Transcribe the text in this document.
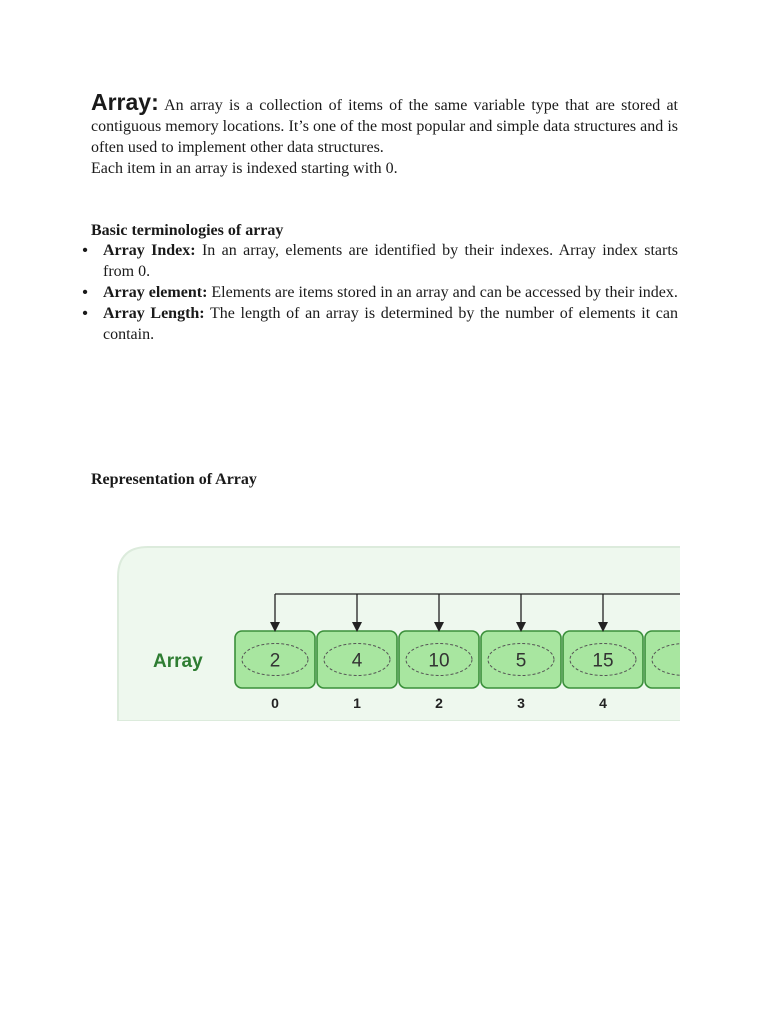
Array: An array is a collection of items of the same variable type that are stored at contiguous memory locations. It’s one of the most popular and simple data structures and is often used to implement other data structures.

Each item in an array is indexed starting with 0.

Basic terminologies of array
• Array Index: In an array, elements are identified by their indexes. Array index starts from 0.
• Array element: Elements are items stored in an array and can be accessed by their index.
• Array Length: The length of an array is determined by the number of elements it can contain.
Representation of Array
Array	2
0
4
1
10
2
5
3
15
4
